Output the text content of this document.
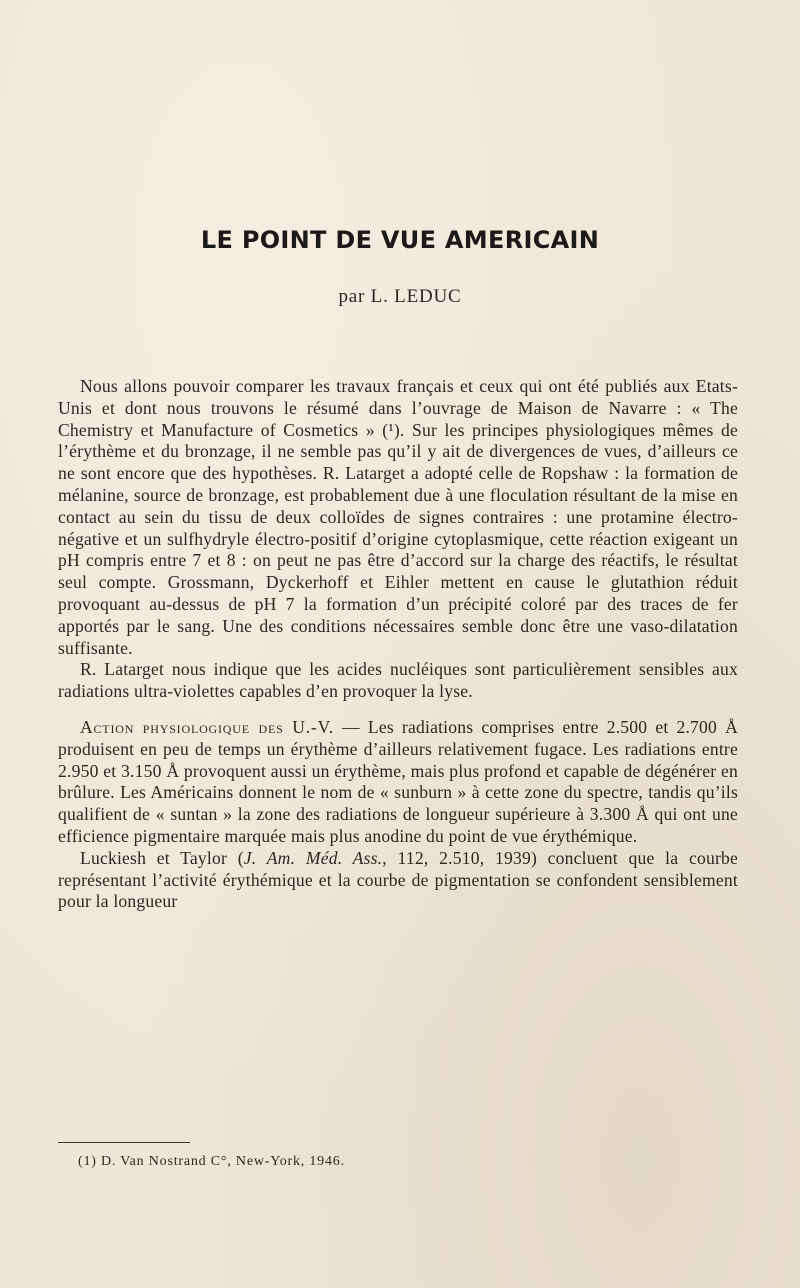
LE POINT DE VUE AMERICAIN
par L. LEDUC

Nous allons pouvoir comparer les travaux français et ceux qui ont été publiés aux Etats-Unis et dont nous trouvons le résumé dans l’ouvrage de Maison de Navarre : « The Chemistry et Manufacture of Cosmetics » (¹). Sur les principes physiologiques mêmes de l’érythème et du bronzage, il ne semble pas qu’il y ait de divergences de vues, d’ailleurs ce ne sont encore que des hypothèses. R. Latarget a adopté celle de Ropshaw : la formation de mélanine, source de bronzage, est probablement due à une floculation résultant de la mise en contact au sein du tissu de deux colloïdes de signes contraires : une protamine électro-négative et un sulfhydryle électro-positif d’origine cytoplasmique, cette réaction exigeant un pH compris entre 7 et 8 : on peut ne pas être d’accord sur la charge des réactifs, le résultat seul compte. Grossmann, Dyckerhoff et Eihler mettent en cause le glutathion réduit provoquant au-dessus de pH 7 la formation d’un précipité coloré par des traces de fer apportés par le sang. Une des conditions nécessaires semble donc être une vaso-dilatation suffisante.

R. Latarget nous indique que les acides nucléiques sont particulièrement sensibles aux radiations ultra-violettes capables d’en provoquer la lyse.

Action physiologique des U.-V. — Les radiations comprises entre 2.500 et 2.700 Å produisent en peu de temps un érythème d’ailleurs relativement fugace. Les radiations entre 2.950 et 3.150 Å provoquent aussi un érythème, mais plus profond et capable de dégénérer en brûlure. Les Américains donnent le nom de « sunburn » à cette zone du spectre, tandis qu’ils qualifient de « suntan » la zone des radiations de longueur supérieure à 3.300 Å qui ont une efficience pigmentaire marquée mais plus anodine du point de vue érythémique.

Luckiesh et Taylor (J. Am. Méd. Ass., 112, 2.510, 1939) concluent que la courbe représentant l’activité érythémique et la courbe de pigmentation se confondent sensiblement pour la longueur

(1) D. Van Nostrand C°, New-York, 1946.
